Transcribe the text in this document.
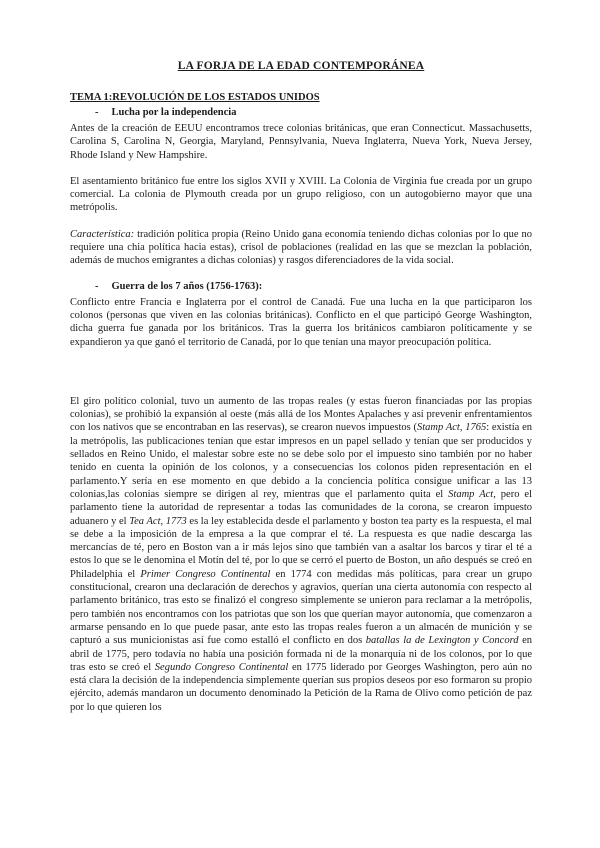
LA FORJA DE LA EDAD CONTEMPORÁNEA
TEMA 1:REVOLUCIÓN DE LOS ESTADOS UNIDOS
- Lucha por la independencia

Antes de la creación de EEUU encontramos trece colonias británicas, que eran Connecticut. Massachusetts, Carolina S, Carolina N, Georgia, Maryland, Pennsylvania, Nueva Inglaterra, Nueva York, Nueva Jersey, Rhode Island y New Hampshire.

El asentamiento británico fue entre los siglos XVII y XVIII. La Colonia de Virginia fue creada por un grupo comercial. La colonia de Plymouth creada por un grupo religioso, con un autogobierno mayor que una metrópolis.

Característica: tradición política propia (Reino Unido gana economía teniendo dichas colonias por lo que no requiere una chia política hacia estas), crisol de poblaciones (realidad en las que se mezclan la población, además de muchos emigrantes a dichas colonias) y rasgos diferenciadores de la vida social.

- Guerra de los 7 años (1756-1763):

Conflicto entre Francia e Inglaterra por el control de Canadá. Fue una lucha en la que participaron los colonos (personas que viven en las colonias británicas). Conflicto en el que participó George Washington, dicha guerra fue ganada por los británicos. Tras la guerra los británicos cambiaron políticamente y se expandieron ya que ganó el territorio de Canadá, por lo que tenían una mayor preocupación política.

El giro político colonial, tuvo un aumento de las tropas reales (y estas fueron financiadas por las propias colonias), se prohibió la expansión al oeste (más allá de los Montes Apalaches y así prevenir enfrentamientos con los nativos que se encontraban en las reservas), se crearon nuevos impuestos (Stamp Act, 1765: existía en la metrópolis, las publicaciones tenían que estar impresos en un papel sellado y tenían que ser producidos y sellados en Reino Unido, el malestar sobre este no se debe solo por el impuesto sino también por no haber tenido en cuenta la opinión de los colonos, y a consecuencias los colonos piden representación en el parlamento.Y sería en ese momento en que debido a la conciencia política consigue unificar a las 13 colonias,las colonias siempre se dirigen al rey, mientras que el parlamento quita el Stamp Act, pero el parlamento tiene la autoridad de representar a todas las comunidades de la corona, se crearon impuesto aduanero y el Tea Act, 1773 es la ley establecida desde el parlamento y boston tea party es la respuesta, el mal se debe a la imposición de la empresa a la que comprar el té. La respuesta es que nadie descarga las mercancías de té, pero en Boston van a ir más lejos sino que también van a asaltar los barcos y tirar el té a estos lo que se le denomina el Motín del té, por lo que se cerró el puerto de Boston, un año después se creó en Philadelphia el Primer Congreso Continental en 1774 con medidas más políticas, para crear un grupo constitucional, crearon una declaración de derechos y agravios, querían una cierta autonomía con respecto al parlamento británico, tras esto se finalizó el congreso simplemente se unieron para reclamar a la metrópolis, pero también nos encontramos con los patriotas que son los que querían mayor autonomía, que comenzaron a armarse pensando en lo que puede pasar, ante esto las tropas reales fueron a un almacén de munición y se capturó a sus municionistas así fue como estalló el conflicto en dos batallas la de Lexington y Concord en abril de 1775, pero todavía no había una posición formada ni de la monarquía ni de los colonos, por lo que tras esto se creó el Segundo Congreso Continental en 1775 liderado por Georges Washington, pero aún no está clara la decisión de la independencia simplemente querían sus propios deseos por eso formaron su propio ejército, además mandaron un documento denominado la Petición de la Rama de Olivo como petición de paz por lo que quieren los
